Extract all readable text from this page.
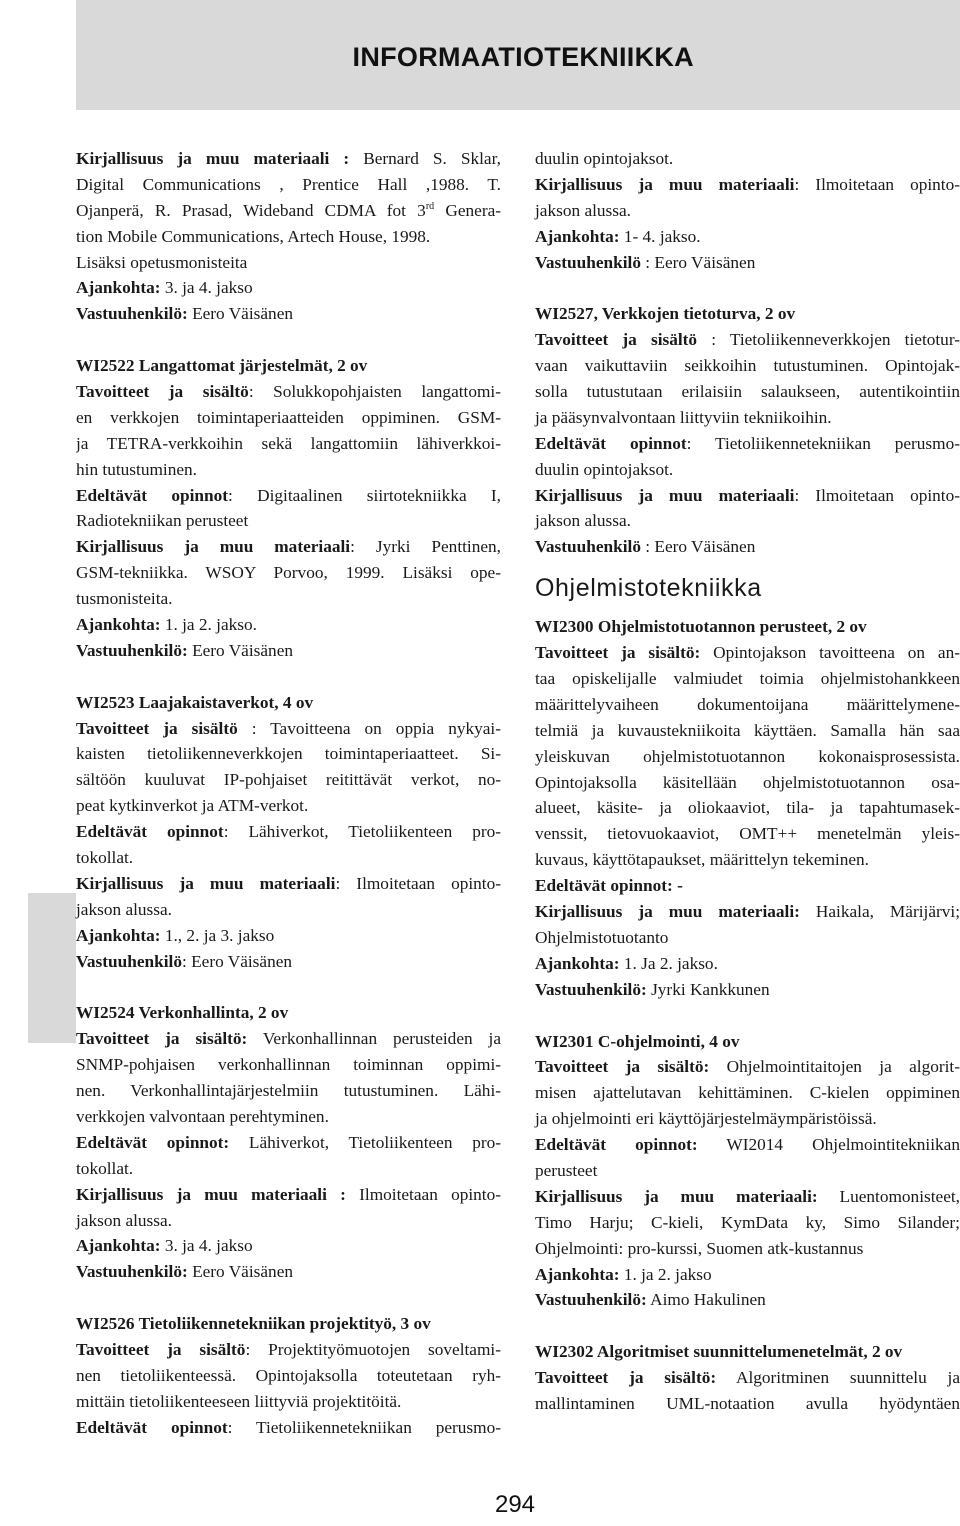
INFORMAATIOTEKNIIKKA
Kirjallisuus ja muu materiaali : Bernard S. Sklar,
Digital Communications , Prentice Hall ,1988. T.
Ojanperä, R. Prasad, Wideband CDMA fot 3rd Genera-
tion Mobile Communications, Artech House, 1998.
Lisäksi opetusmonisteita
Ajankohta: 3. ja 4. jakso
Vastuuhenkilö: Eero Väisänen
WI2522 Langattomat järjestelmät, 2 ov
Tavoitteet ja sisältö: Solukkopohjaisten langattomi-
en verkkojen toimintaperiaatteiden oppiminen. GSM-
ja TETRA-verkkoihin sekä langattomiin lähiverkkoi-
hin tutustuminen.
Edeltävät opinnot: Digitaalinen siirtotekniikka I,
Radiotekniikan perusteet
Kirjallisuus ja muu materiaali: Jyrki Penttinen,
GSM-tekniikka. WSOY Porvoo, 1999. Lisäksi ope-
tusmonisteita.
Ajankohta: 1. ja 2. jakso.
Vastuuhenkilö: Eero Väisänen
WI2523 Laajakaistaverkot, 4 ov
Tavoitteet ja sisältö : Tavoitteena on oppia nykyai-
kaisten tietoliikenneverkkojen toimintaperiaatteet. Si-
sältöön kuuluvat IP-pohjaiset reitittävät verkot, no-
peat kytkinverkot ja ATM-verkot.
Edeltävät opinnot: Lähiverkot, Tietoliikenteen pro-
tokollat.
Kirjallisuus ja muu materiaali: Ilmoitetaan opinto-
jakson alussa.
Ajankohta: 1., 2. ja 3. jakso
Vastuuhenkilö: Eero Väisänen
WI2524 Verkonhallinta, 2 ov
Tavoitteet ja sisältö: Verkonhallinnan perusteiden ja
SNMP-pohjaisen verkonhallinnan toiminnan oppimi-
nen. Verkonhallintajärjestelmiin tutustuminen. Lähi-
verkkojen valvontaan perehtyminen.
Edeltävät opinnot: Lähiverkot, Tietoliikenteen pro-
tokollat.
Kirjallisuus ja muu materiaali : Ilmoitetaan opinto-
jakson alussa.
Ajankohta: 3. ja 4. jakso
Vastuuhenkilö: Eero Väisänen
WI2526 Tietoliikennetekniikan projektityö, 3 ov
Tavoitteet ja sisältö: Projektityömuotojen soveltami-
nen tietoliikenteessä. Opintojaksolla toteutetaan ryh-
mittäin tietoliikenteeseen liittyviä projektitöitä.
Edeltävät opinnot: Tietoliikennetekniikan perusmo-
duulin opintojaksot.
Kirjallisuus ja muu materiaali: Ilmoitetaan opinto-
jakson alussa.
Ajankohta: 1- 4. jakso.
Vastuuhenkilö : Eero Väisänen
WI2527, Verkkojen tietoturva, 2 ov
Tavoitteet ja sisältö : Tietoliikenneverkkojen tietotur-
vaan vaikuttaviin seikkoihin tutustuminen. Opintojak-
solla tutustutaan erilaisiin salaukseen, autentikointiin
ja pääsynvalvontaan liittyviin tekniikoihin.
Edeltävät opinnot: Tietoliikennetekniikan perusmo-
duulin opintojaksot.
Kirjallisuus ja muu materiaali: Ilmoitetaan opinto-
jakson alussa.
Vastuuhenkilö : Eero Väisänen
Ohjelmistotekniikka
WI2300 Ohjelmistotuotannon perusteet, 2 ov
Tavoitteet ja sisältö: Opintojakson tavoitteena on an-
taa opiskelijalle valmiudet toimia ohjelmistohankkeen
määrittelyvaiheen dokumentoijana määrittelymene-
telmiä ja kuvaustekniikoita käyttäen. Samalla hän saa
yleiskuvan ohjelmistotuotannon kokonaisprosessista.
Opintojaksolla käsitellään ohjelmistotuotannon osa-
alueet, käsite- ja oliokaaviot, tila- ja tapahtumasek-
venssit, tietovuokaaviot, OMT++ menetelmän yleis-
kuvaus, käyttötapaukset, määrittelyn tekeminen.
Edeltävät opinnot: -
Kirjallisuus ja muu materiaali: Haikala, Märijärvi;
Ohjelmistotuotanto
Ajankohta: 1. Ja 2. jakso.
Vastuuhenkilö: Jyrki Kankkunen
WI2301 C-ohjelmointi, 4 ov
Tavoitteet ja sisältö: Ohjelmointitaitojen ja algorit-
misen ajattelutavan kehittäminen. C-kielen oppiminen
ja ohjelmointi eri käyttöjärjestelmäympäristöissä.
Edeltävät opinnot: WI2014 Ohjelmointitekniikan
perusteet
Kirjallisuus ja muu materiaali: Luentomonisteet,
Timo Harju; C-kieli, KymData ky, Simo Silander;
Ohjelmointi: pro-kurssi, Suomen atk-kustannus
Ajankohta: 1. ja 2. jakso
Vastuuhenkilö: Aimo Hakulinen
WI2302 Algoritmiset suunnittelumenetelmät, 2 ov
Tavoitteet ja sisältö: Algoritminen suunnittelu ja
mallintaminen UML-notaation avulla hyödyntäen
294
